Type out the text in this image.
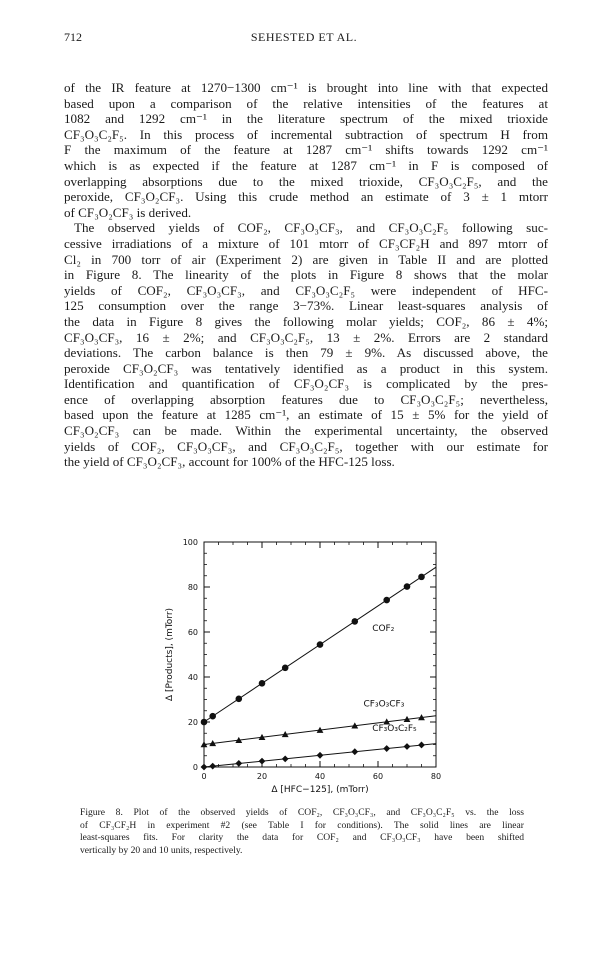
712	SEHESTED ET AL.
of the IR feature at 1270−1300 cm⁻¹ is brought into line with that expected
based upon a comparison of the relative intensities of the features at
1082 and 1292 cm⁻¹ in the literature spectrum of the mixed trioxide
CF₃O₃C₂F₅. In this process of incremental subtraction of spectrum H from
F the maximum of the feature at 1287 cm⁻¹ shifts towards 1292 cm⁻¹
which is as expected if the feature at 1287 cm⁻¹ in F is composed of
overlapping absorptions due to the mixed trioxide, CF₃O₃C₂F₅, and the
peroxide, CF₃O₂CF₃. Using this crude method an estimate of 3 ± 1 mtorr
of CF₃O₂CF₃ is derived.
The observed yields of COF₂, CF₃O₃CF₃, and CF₃O₃C₂F₅ following suc-
cessive irradiations of a mixture of 101 mtorr of CF₃CF₂H and 897 mtorr of
Cl₂ in 700 torr of air (Experiment 2) are given in Table II and are plotted
in Figure 8. The linearity of the plots in Figure 8 shows that the molar
yields of COF₂, CF₃O₃CF₃, and CF₃O₃C₂F₅ were independent of HFC-
125 consumption over the range 3−73%. Linear least-squares analysis of
the data in Figure 8 gives the following molar yields; COF₂, 86 ± 4%;
CF₃O₃CF₃, 16 ± 2%; and CF₃O₃C₂F₅, 13 ± 2%. Errors are 2 standard
deviations. The carbon balance is then 79 ± 9%. As discussed above, the
peroxide CF₃O₂CF₃ was tentatively identified as a product in this system.
Identification and quantification of CF₃O₂CF₃ is complicated by the pres-
ence of overlapping absorption features due to CF₃O₃C₂F₅; nevertheless,
based upon the feature at 1285 cm⁻¹, an estimate of 15 ± 5% for the yield of
CF₃O₂CF₃ can be made. Within the experimental uncertainty, the observed
yields of COF₂, CF₃O₃CF₃, and CF₃O₃C₂F₅, together with our estimate for
the yield of CF₃O₂CF₃, account for 100% of the HFC-125 loss.
0
20
40
60
80
100
0	20	40	60	80
COF₂
CF₃O₃CF₃
CF₃O₃C₂F₅
Δ [HFC−125], (mTorr)
Δ [Products], (mTorr)
Figure 8. Plot of the observed yields of COF₂, CF₃O₃CF₃, and CF₃O₃C₂F₅ vs. the loss
of CF₃CF₂H in experiment #2 (see Table I for conditions). The solid lines are linear
least-squares fits. For clarity the data for COF₂ and CF₃O₃CF₃ have been shifted
vertically by 20 and 10 units, respectively.
